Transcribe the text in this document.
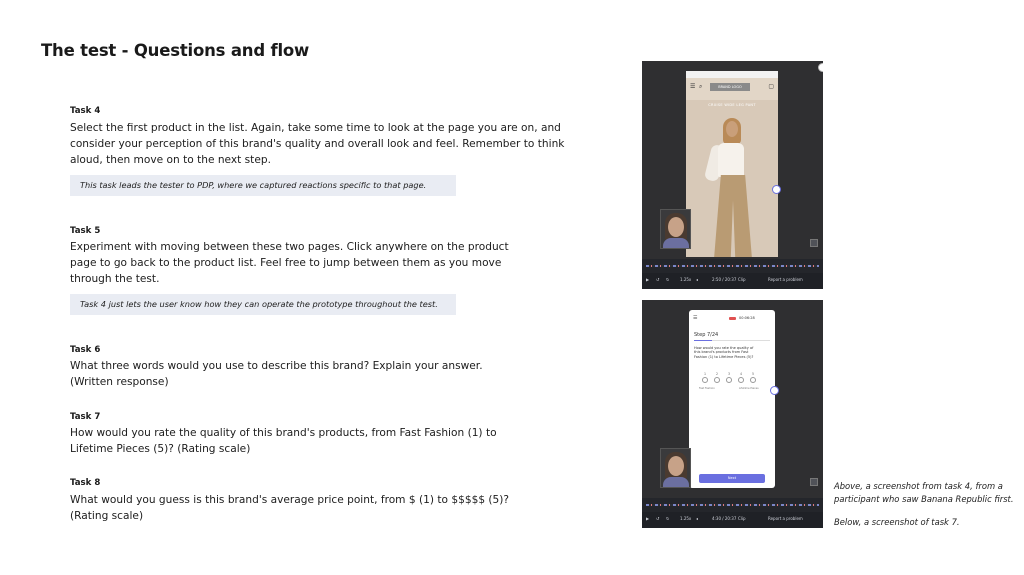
The test - Questions and flow
Task 4
Select the first product in the list. Again, take some time to look at the page you are on, and
consider your perception of this brand's quality and overall look and feel. Remember to think
aloud, then move on to the next step.
This task leads the tester to PDP, where we captured reactions specific to that page.
Task 5
Experiment with moving between these two pages. Click anywhere on the product
page to go back to the product list. Feel free to jump between them as you move
through the test.
Task 4 just lets the user know how they can operate the prototype throughout the test.
Task 6
What three words would you use to describe this brand? Explain your answer.
(Written response)
Task 7
How would you rate the quality of this brand's products, from Fast Fashion (1) to
Lifetime Pieces (5)? (Rating scale)
Task 8
What would you guess is this brand's average price point, from $ (1) to $$$$$ (5)?
(Rating scale)
☰ ⌕	▢
BRAND LOGO
CRUISE WIDE LEG PANT
▶ ↺ ↻	1.25x ◂	2:50 / 20:37 Clip	Report a problem
☰	00:06:28
Step 7/24
How would you rate the quality of this brand's products from Fast Fashion (1) to Lifetime Pieces (5)?
1	2	3	4	5
Fast Fashion	Lifetime Pieces
Next
▶ ↺ ↻	1.25x ◂	4:30 / 20:37 Clip	Report a problem
Above, a screenshot from task 4, from a
participant who saw Banana Republic first.
Below, a screenshot of task 7.
